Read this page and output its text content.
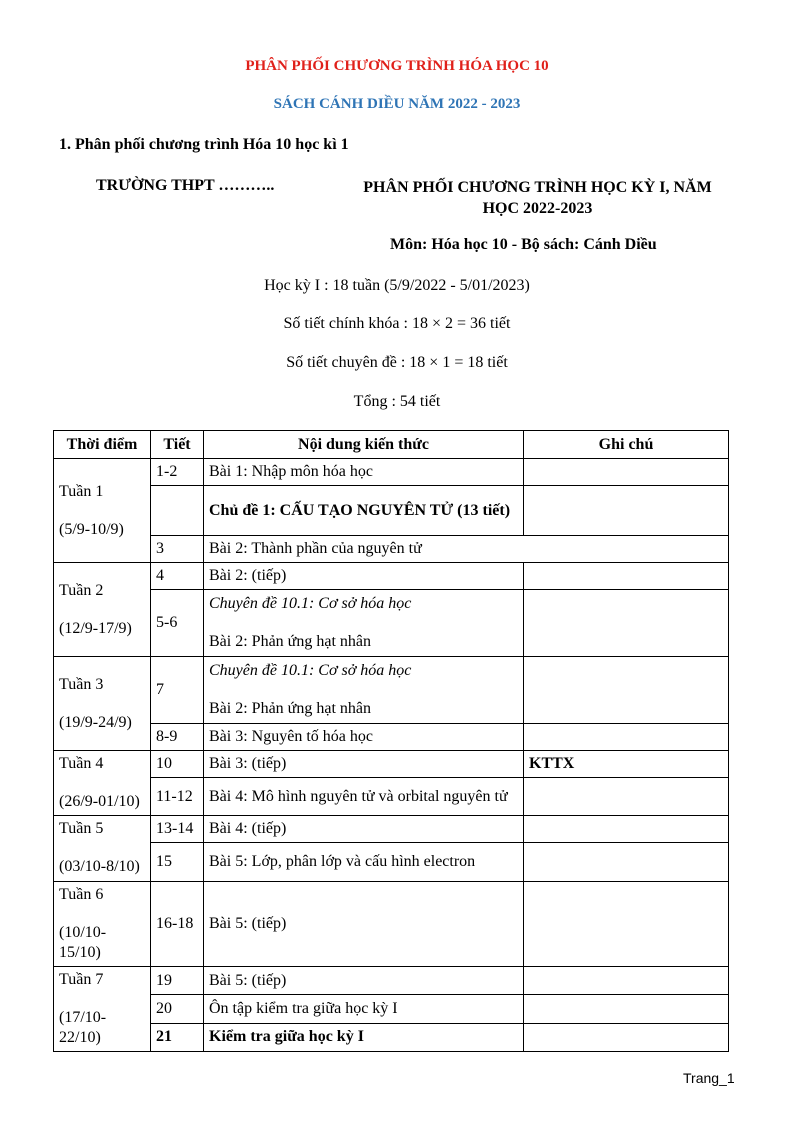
PHÂN PHỐI CHƯƠNG TRÌNH HÓA HỌC 10
SÁCH CÁNH DIỀU NĂM 2022 - 2023
1. Phân phối chương trình Hóa 10 học kì 1
TRƯỜNG THPT ………..	PHÂN PHỐI CHƯƠNG TRÌNH HỌC KỲ I, NĂM
HỌC 2022-2023
Môn: Hóa học 10 - Bộ sách: Cánh Diều
Học kỳ I : 18 tuần (5/9/2022 - 5/01/2023)
Số tiết chính khóa : 18 × 2 = 36 tiết
Số tiết chuyên đề : 18 × 1 = 18 tiết
Tổng : 54 tiết
Thời điểm	Tiết	Nội dung kiến thức	Ghi chú

Tuần 1
(5/9-10/9)	1-2	Bài 1: Nhập môn hóa học	
		Chủ đề 1: CẤU TẠO NGUYÊN TỬ (13 tiết)	
	3	Bài 2: Thành phần của nguyên tử	

Tuần 2
(12/9-17/9)	4	Bài 2: (tiếp)	
	5-6	Chuyên đề 10.1: Cơ sở hóa học
Bài 2: Phản ứng hạt nhân	

Tuần 3
(19/9-24/9)	7	Chuyên đề 10.1: Cơ sở hóa học
Bài 2: Phản ứng hạt nhân	

	8-9	Bài 3: Nguyên tố hóa học	

Tuần 4
(26/9-01/10)	10	Bài 3: (tiếp)	KTTX
	11-12	Bài 4: Mô hình nguyên tử và orbital nguyên tử	

Tuần 5
(03/10-8/10)	13-14	Bài 4: (tiếp)	
	15	Bài 5: Lớp, phân lớp và cấu hình electron	

Tuần 6
(10/10-15/10)	16-18	Bài 5: (tiếp)	

Tuần 7
(17/10-22/10)	19	Bài 5: (tiếp)	
	20	Ôn tập kiểm tra giữa học kỳ I	
	21	Kiểm tra giữa học kỳ I	
Trang_1
